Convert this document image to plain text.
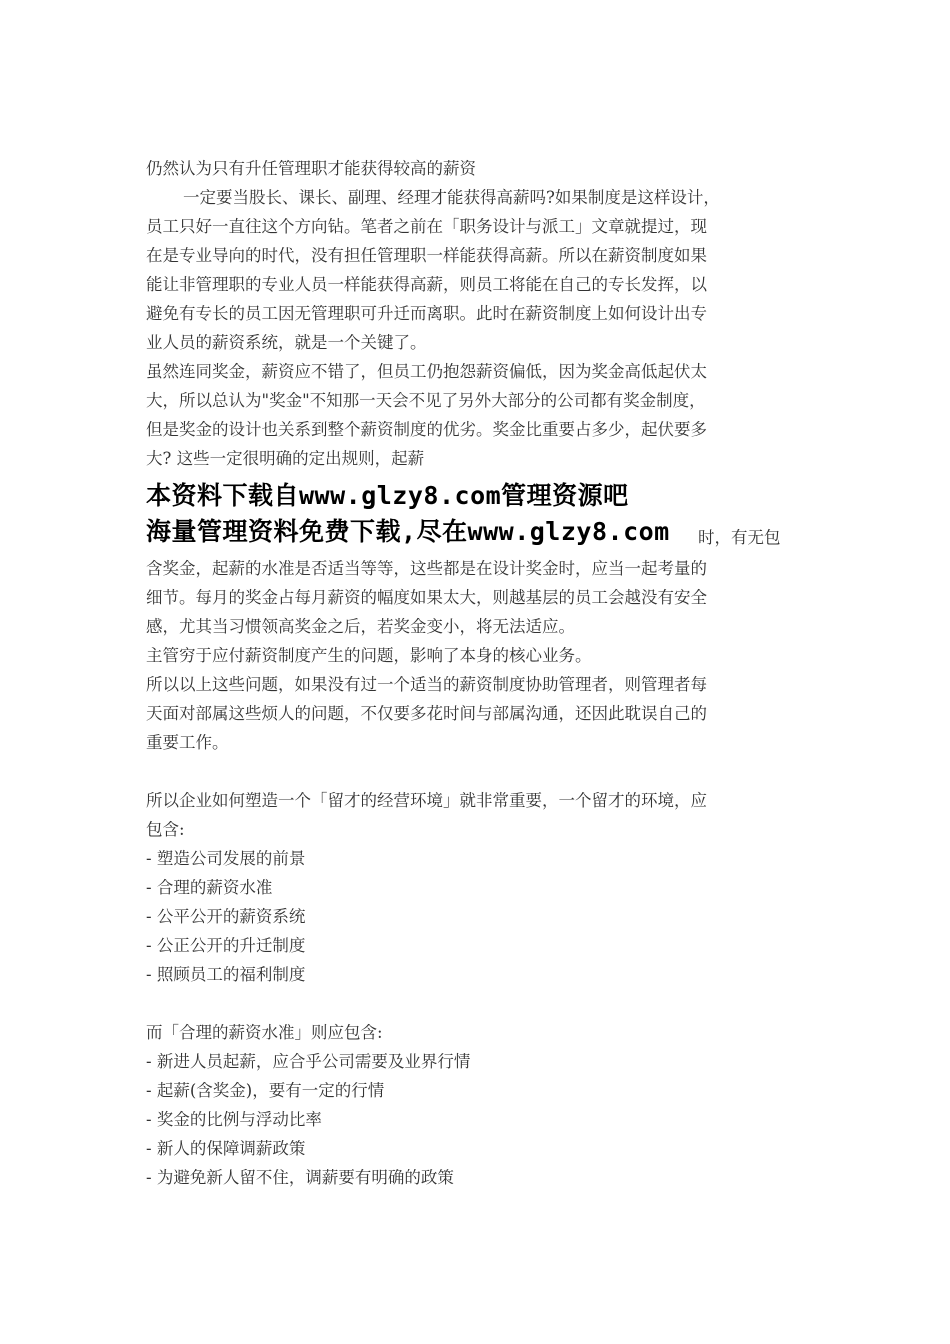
仍然认为只有升任管理职才能获得较高的薪资
一定要当股长、课长、副理、经理才能获得高薪吗?如果制度是这样设计，
员工只好一直往这个方向钻。笔者之前在「职务设计与派工」文章就提过，现
在是专业导向的时代，没有担任管理职一样能获得高薪。所以在薪资制度如果
能让非管理职的专业人员一样能获得高薪，则员工将能在自己的专长发挥，以
避免有专长的员工因无管理职可升迁而离职。此时在薪资制度上如何设计出专
业人员的薪资系统，就是一个关键了。
虽然连同奖金，薪资应不错了，但员工仍抱怨薪资偏低，因为奖金高低起伏太
大，所以总认为"奖金"不知那一天会不见了另外大部分的公司都有奖金制度，
但是奖金的设计也关系到整个薪资制度的优劣。奖金比重要占多少，起伏要多
大? 这些一定很明确的定出规则，起薪
本资料下载自www.glzy8.com管理资源吧
海量管理资料免费下载,尽在www.glzy8.com 时，有无包
含奖金，起薪的水准是否适当等等，这些都是在设计奖金时，应当一起考量的
细节。每月的奖金占每月薪资的幅度如果太大，则越基层的员工会越没有安全
感，尤其当习惯领高奖金之后，若奖金变小，将无法适应。
主管穷于应付薪资制度产生的问题，影响了本身的核心业务。
所以以上这些问题，如果没有过一个适当的薪资制度协助管理者，则管理者每
天面对部属这些烦人的问题，不仅要多花时间与部属沟通，还因此耽误自己的
重要工作。
所以企业如何塑造一个「留才的经营环境」就非常重要，一个留才的环境，应
包含:
- 塑造公司发展的前景
- 合理的薪资水准
- 公平公开的薪资系统
- 公正公开的升迁制度
- 照顾员工的福利制度
而「合理的薪资水准」则应包含:
- 新进人员起薪，应合乎公司需要及业界行情
- 起薪(含奖金)，要有一定的行情
- 奖金的比例与浮动比率
- 新人的保障调薪政策
- 为避免新人留不住，调薪要有明确的政策
